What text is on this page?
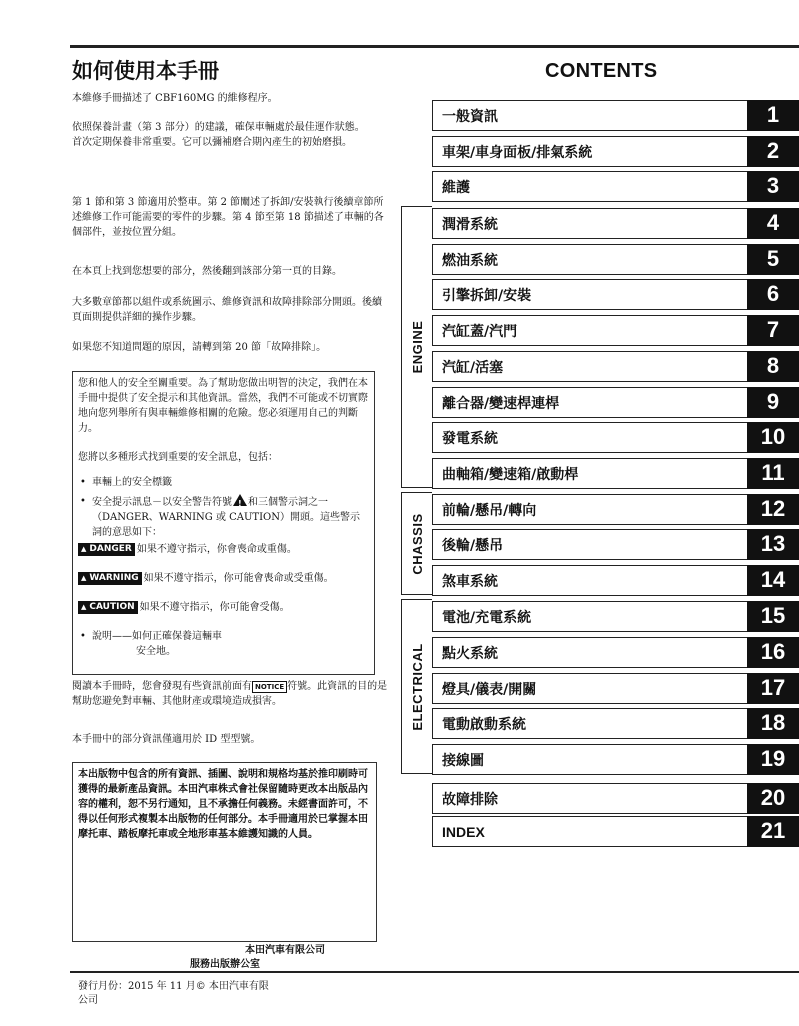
如何使用本手冊
本維修手冊描述了 CBF160MG 的維修程序。
依照保養計畫（第 3 部分）的建議，確保車輛處於最佳運作狀態。
首次定期保養非常重要。它可以彌補磨合期內產生的初始磨損。
第 1 節和第 3 節適用於整車。第 2 節闡述了拆卸/安裝執行後續章節所述維修工作可能需要的零件的步驟。第 4 節至第 18 節描述了車輛的各個部件，並按位置分組。
在本頁上找到您想要的部分，然後翻到該部分第一頁的目錄。
大多數章節都以組件或系統圖示、維修資訊和故障排除部分開頭。後續頁面則提供詳細的操作步驟。
如果您不知道問題的原因，請轉到第 20 節「故障排除」。
您和他人的安全至關重要。為了幫助您做出明智的決定，我們在本手冊中提供了安全提示和其他資訊。當然，我們不可能或不切實際地向您列舉所有與車輛維修相關的危險。您必須運用自己的判斷力。
您將以多種形式找到重要的安全訊息，包括：
• 車輛上的安全標籤
• 安全提示訊息－以安全警告符號 ! 和三個警示詞之一（DANGER、WARNING 或 CAUTION）開頭。這些警示詞的意思如下：
▲ DANGER 如果不遵守指示，你會喪命或重傷。
▲ WARNING 如果不遵守指示，你可能會喪命或受重傷。
▲ CAUTION 如果不遵守指示，你可能會受傷。
• 說明——如何正確保養這輛車
安全地。
閱讀本手冊時，您會發現有些資訊前面有 NOTICE 符號。此資訊的目的是幫助您避免對車輛、其他財產或環境造成損害。
本手冊中的部分資訊僅適用於 ID 型型號。
本出版物中包含的所有資訊、插圖、說明和規格均基於推印刷時可獲得的最新產品資訊。本田汽車株式會社保留隨時更改本出版品內容的權利，恕不另行通知，且不承擔任何義務。未經書面許可，不得以任何形式複製本出版物的任何部分。本手冊適用於已掌握本田摩托車、踏板摩托車或全地形車基本維護知識的人員。
本田汽車有限公司
服務出版辦公室
發行月份：2015 年 11 月© 本田汽車有限公司
CONTENTS
ENGINE
CHASSIS
ELECTRICAL
一般資訊	1
車架/車身面板/排氣系統	2
維護	3
潤滑系統	4
燃油系統	5
引擎拆卸/安裝	6
汽缸蓋/汽門	7
汽缸/活塞	8
離合器/變速桿連桿	9
發電系統	10
曲軸箱/變速箱/啟動桿	11
前輪/懸吊/轉向	12
後輪/懸吊	13
煞車系統	14
電池/充電系統	15
點火系統	16
燈具/儀表/開關	17
電動啟動系統	18
接線圖	19
故障排除	20
INDEX	21
